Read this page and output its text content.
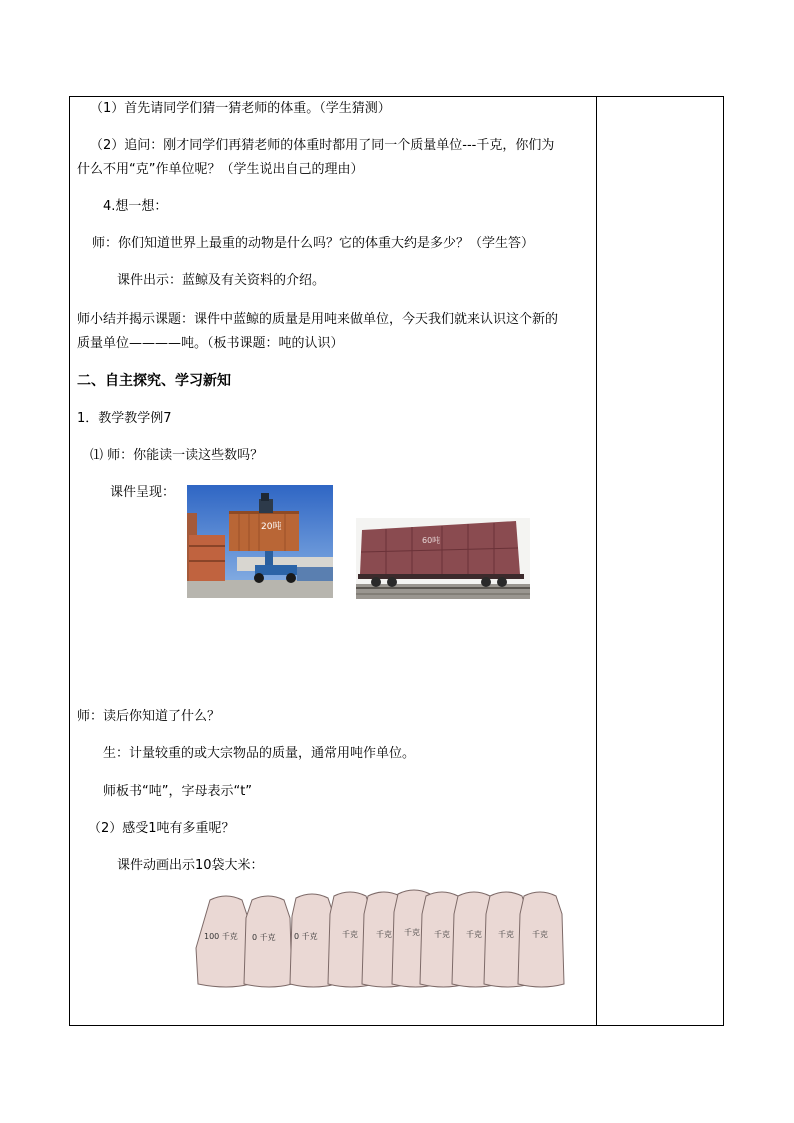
（1）首先请同学们猜一猜老师的体重。（学生猜测）
（2）追问：刚才同学们再猜老师的体重时都用了同一个质量单位---千克，你们为
什么不用“克”作单位呢？（学生说出自己的理由）
4.想一想：
师：你们知道世界上最重的动物是什么吗？它的体重大约是多少？（学生答）
课件出示：蓝鲸及有关资料的介绍。
师小结并揭示课题：课件中蓝鲸的质量是用吨来做单位，今天我们就来认识这个新的
质量单位————吨。（板书课题：吨的认识）
二、自主探究、学习新知
1．教学教学例7
⑴ 师：你能读一读这些数吗？
课件呈现：
20吨
60吨
师：读后你知道了什么？
生：计量较重的或大宗物品的质量，通常用吨作单位。
师板书“吨”，字母表示“t”
（2）感受1吨有多重呢？
课件动画出示10袋大米：
100 千克 0 千克 0 千克	千克 千克 千克 千克 千克 千克 千克
